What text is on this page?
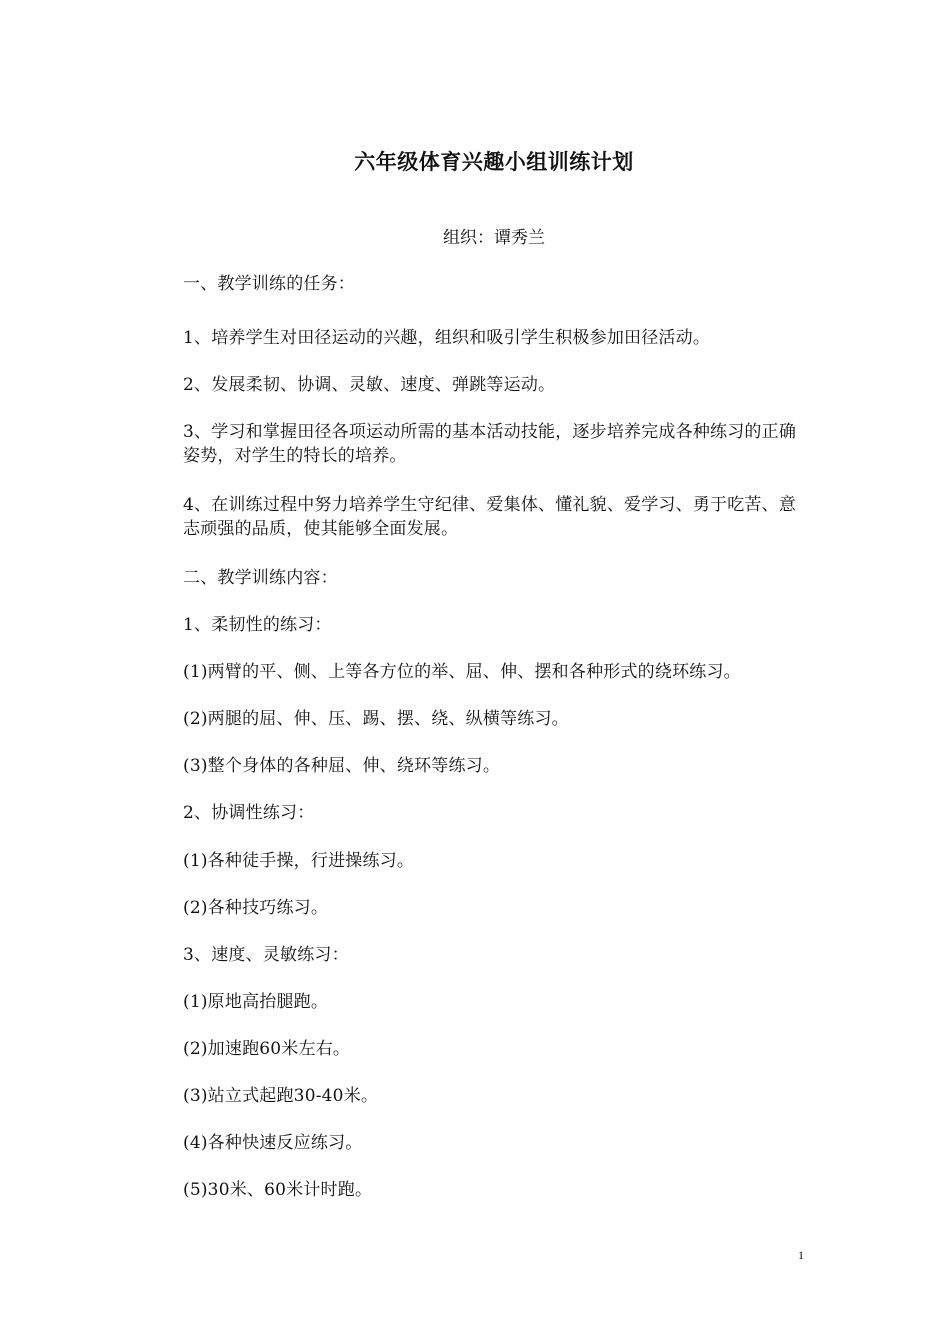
六年级体育兴趣小组训练计划
组织：谭秀兰
一、教学训练的任务：
1、培养学生对田径运动的兴趣，组织和吸引学生积极参加田径活动。
2、发展柔韧、协调、灵敏、速度、弹跳等运动。
3、学习和掌握田径各项运动所需的基本活动技能，逐步培养完成各种练习的正确姿势，对学生的特长的培养。
4、在训练过程中努力培养学生守纪律、爱集体、懂礼貌、爱学习、勇于吃苦、意志顽强的品质，使其能够全面发展。
二、教学训练内容：
1、柔韧性的练习：
(1)两臂的平、侧、上等各方位的举、屈、伸、摆和各种形式的绕环练习。
(2)两腿的屈、伸、压、踢、摆、绕、纵横等练习。
(3)整个身体的各种屈、伸、绕环等练习。
2、协调性练习：
(1)各种徒手操，行进操练习。
(2)各种技巧练习。
3、速度、灵敏练习：
(1)原地高抬腿跑。
(2)加速跑60米左右。
(3)站立式起跑30-40米。
(4)各种快速反应练习。
(5)30米、60米计时跑。
1
